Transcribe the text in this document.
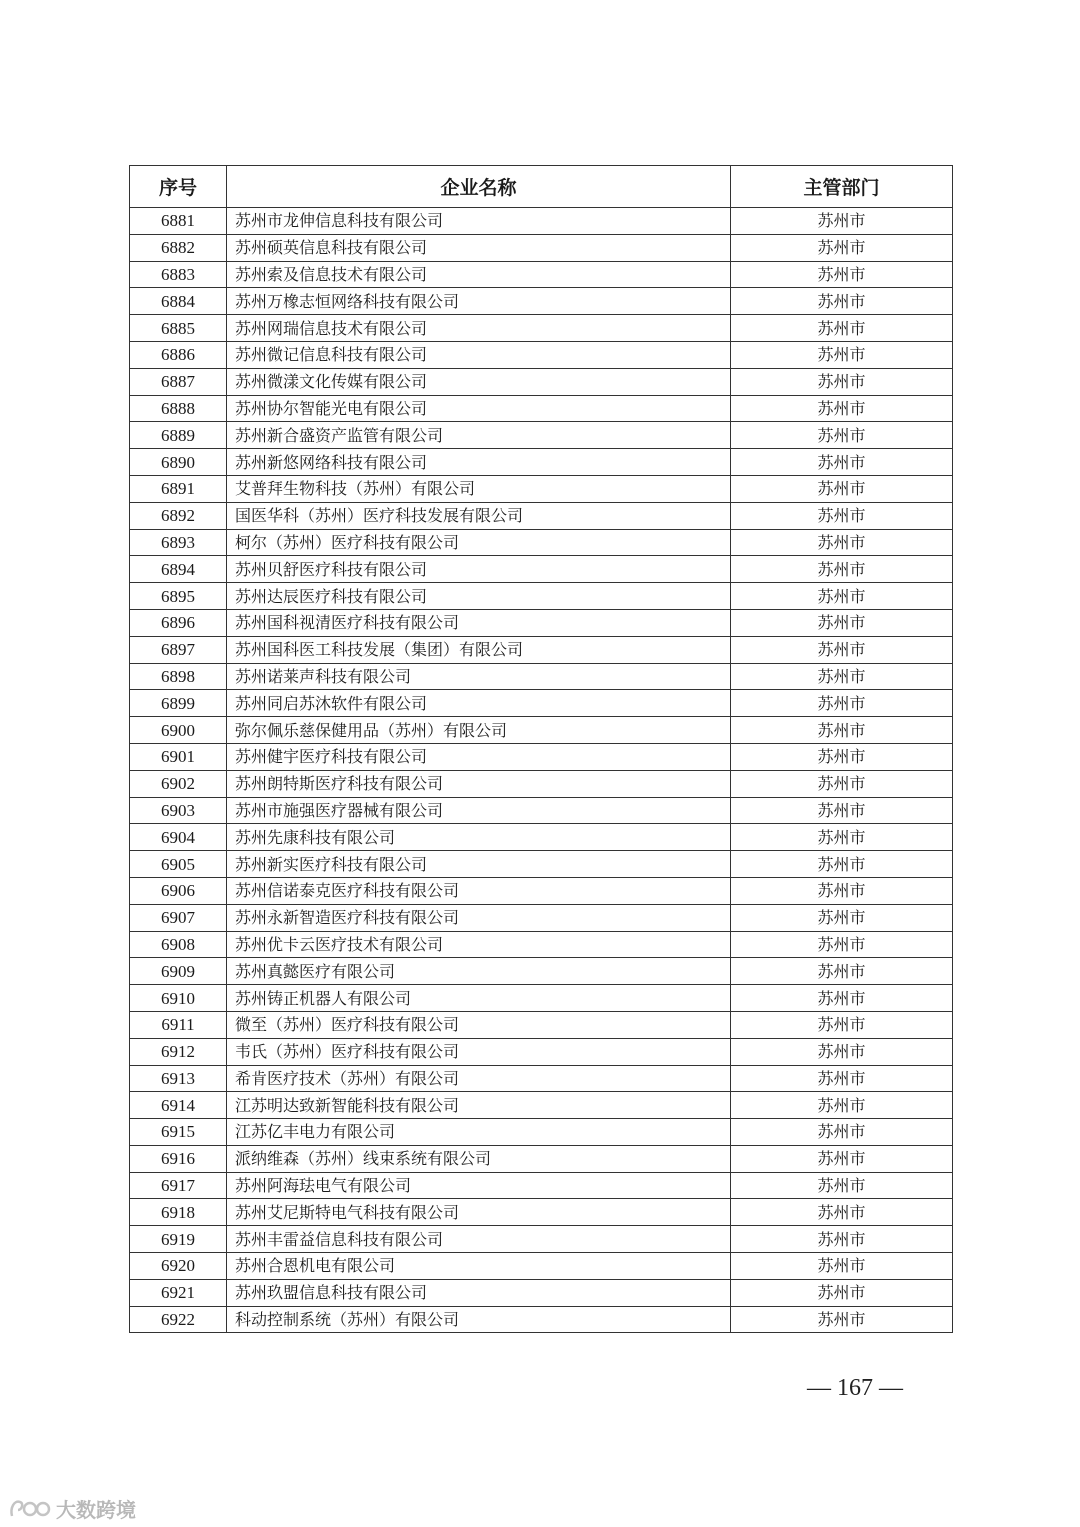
序号	企业名称	主管部门
6881	苏州市龙伸信息科技有限公司	苏州市
6882	苏州硕英信息科技有限公司	苏州市
6883	苏州索及信息技术有限公司	苏州市
6884	苏州万橡志恒网络科技有限公司	苏州市
6885	苏州网瑞信息技术有限公司	苏州市
6886	苏州微记信息科技有限公司	苏州市
6887	苏州微漾文化传媒有限公司	苏州市
6888	苏州协尔智能光电有限公司	苏州市
6889	苏州新合盛资产监管有限公司	苏州市
6890	苏州新悠网络科技有限公司	苏州市
6891	艾普拜生物科技（苏州）有限公司	苏州市
6892	国医华科（苏州）医疗科技发展有限公司	苏州市
6893	柯尔（苏州）医疗科技有限公司	苏州市
6894	苏州贝舒医疗科技有限公司	苏州市
6895	苏州达辰医疗科技有限公司	苏州市
6896	苏州国科视清医疗科技有限公司	苏州市
6897	苏州国科医工科技发展（集团）有限公司	苏州市
6898	苏州诺莱声科技有限公司	苏州市
6899	苏州同启苏沐软件有限公司	苏州市
6900	弥尔佩乐慈保健用品（苏州）有限公司	苏州市
6901	苏州健宇医疗科技有限公司	苏州市
6902	苏州朗特斯医疗科技有限公司	苏州市
6903	苏州市施强医疗器械有限公司	苏州市
6904	苏州先康科技有限公司	苏州市
6905	苏州新实医疗科技有限公司	苏州市
6906	苏州信诺泰克医疗科技有限公司	苏州市
6907	苏州永新智造医疗科技有限公司	苏州市
6908	苏州优卡云医疗技术有限公司	苏州市
6909	苏州真懿医疗有限公司	苏州市
6910	苏州铸正机器人有限公司	苏州市
6911	微至（苏州）医疗科技有限公司	苏州市
6912	韦氏（苏州）医疗科技有限公司	苏州市
6913	希肯医疗技术（苏州）有限公司	苏州市
6914	江苏明达致新智能科技有限公司	苏州市
6915	江苏亿丰电力有限公司	苏州市
6916	派纳维森（苏州）线束系统有限公司	苏州市
6917	苏州阿海珐电气有限公司	苏州市
6918	苏州艾尼斯特电气科技有限公司	苏州市
6919	苏州丰雷益信息科技有限公司	苏州市
6920	苏州合恩机电有限公司	苏州市
6921	苏州玖盟信息科技有限公司	苏州市
6922	科动控制系统（苏州）有限公司	苏州市
— 167 —
大数跨境
